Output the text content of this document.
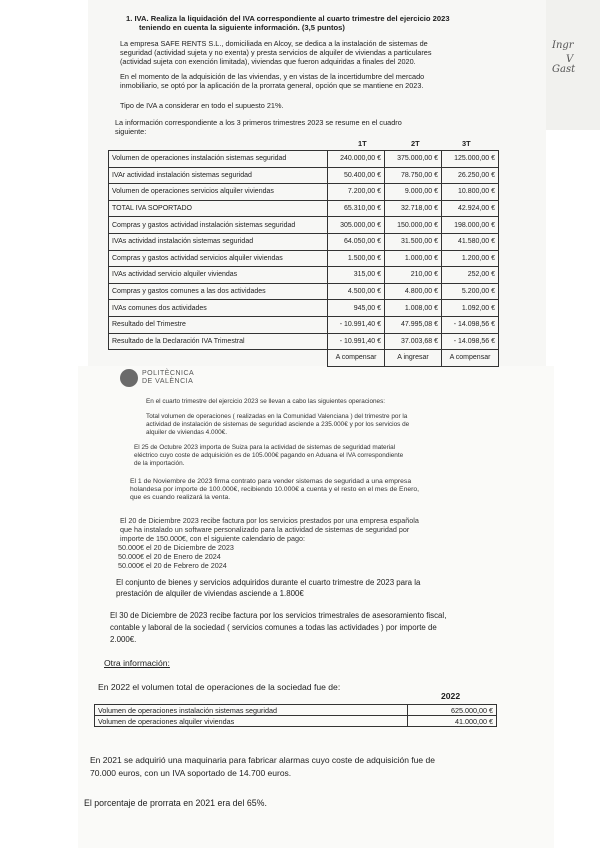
Ingr
V
Gast
1. IVA. Realiza la liquidación del IVA correspondiente al cuarto trimestre del ejercicio 2023
teniendo en cuenta la siguiente información. (3,5 puntos)
La empresa SAFE RENTS S.L., domiciliada en Alcoy, se dedica a la instalación de sistemas de
seguridad (actividad sujeta y no exenta) y presta servicios de alquiler de viviendas a particulares
(actividad sujeta con exención limitada), viviendas que fueron adquiridas a finales del 2020.
En el momento de la adquisición de las viviendas, y en vistas de la incertidumbre del mercado
inmobiliario, se optó por la aplicación de la prorrata general, opción que se mantiene en 2023.
Tipo de IVA a considerar en todo el supuesto 21%.
La información correspondiente a los 3 primeros trimestres 2023 se resume en el cuadro
siguiente:
1T	2T	3T
Volumen de operaciones instalación sistemas seguridad	240.000,00 €	375.000,00 €	125.000,00 €
IVAr actividad instalación sistemas seguridad	50.400,00 €	78.750,00 €	26.250,00 €
Volumen de operaciones servicios alquiler viviendas	7.200,00 €	9.000,00 €	10.800,00 €
TOTAL IVA SOPORTADO	65.310,00 €	32.718,00 €	42.924,00 €
Compras y gastos actividad instalación sistemas seguridad	305.000,00 €	150.000,00 €	198.000,00 €
IVAs actividad instalación sistemas seguridad	64.050,00 €	31.500,00 €	41.580,00 €
Compras y gastos actividad servicios alquiler viviendas	1.500,00 €	1.000,00 €	1.200,00 €
IVAs actividad servicio alquiler viviendas	315,00 €	210,00 €	252,00 €
Compras y gastos comunes a las dos actividades	4.500,00 €	4.800,00 €	5.200,00 €
IVAs comunes dos actividades	945,00 €	1.008,00 €	1.092,00 €
Resultado del Trimestre	- 10.991,40 €	47.995,08 €	- 14.098,56 €
Resultado de la Declaración IVA Trimestral	- 10.991,40 €	37.003,68 €	- 14.098,56 €
	A compensar	A ingresar	A compensar
POLITÈCNICA
DE VALÈNCIA
En el cuarto trimestre del ejercicio 2023 se llevan a cabo las siguientes operaciones:
Total volumen de operaciones ( realizadas en la Comunidad Valenciana ) del trimestre por la
actividad de instalación de sistemas de seguridad asciende a 235.000€ y por los servicios de
alquiler de viviendas 4.000€.
El 25 de Octubre 2023 importa de Suiza para la actividad de sistemas de seguridad material
eléctrico cuyo coste de adquisición es de 105.000€ pagando en Aduana el IVA correspondiente
de la importación.
El 1 de Noviembre de 2023 firma contrato para vender sistemas de seguridad a una empresa
holandesa por importe de 100.000€, recibiendo 10.000€ a cuenta y el resto en el mes de Enero,
que es cuando realizará la venta.
El 20 de Diciembre 2023 recibe factura por los servicios prestados por una empresa española
que ha instalado un software personalizado para la actividad de sistemas de seguridad por
importe de 150.000€, con el siguiente calendario de pago:
50.000€ el 20 de Diciembre de 2023
50.000€ el 20 de Enero de 2024
50.000€ el 20 de Febrero de 2024
El conjunto de bienes y servicios adquiridos durante el cuarto trimestre de 2023 para la
prestación de alquiler de viviendas asciende a 1.800€
El 30 de Diciembre de 2023 recibe factura por los servicios trimestrales de asesoramiento fiscal,
contable y laboral de la sociedad ( servicios comunes a todas las actividades ) por importe de
2.000€.
Otra información:
En 2022 el volumen total de operaciones de la sociedad fue de:
2022
Volumen de operaciones instalación sistemas seguridad	625.000,00 €
Volumen de operaciones alquiler viviendas	41.000,00 €
En 2021 se adquirió una maquinaria para fabricar alarmas cuyo coste de adquisición fue de
70.000 euros, con un IVA soportado de 14.700 euros.
El porcentaje de prorrata en 2021 era del 65%.
